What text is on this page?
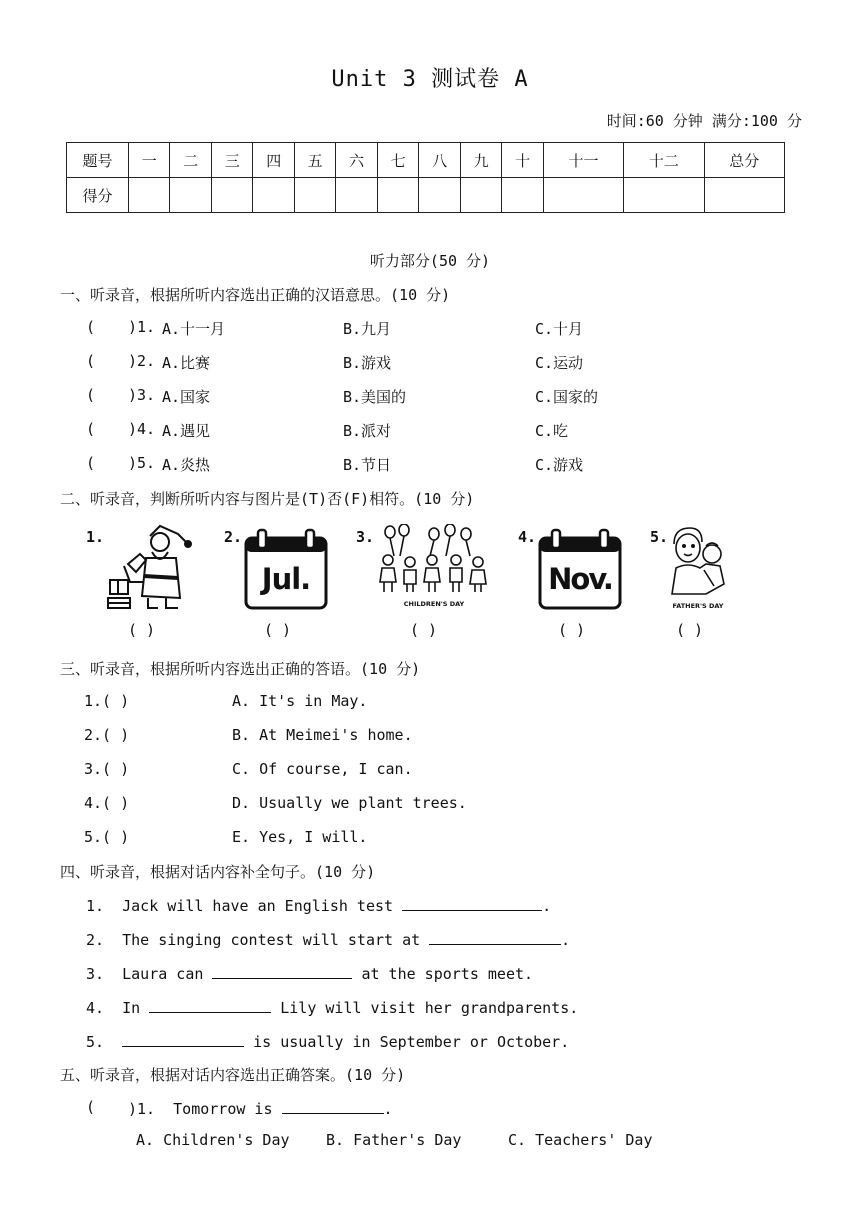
Unit 3 测试卷 A
时间:60 分钟 满分:100 分
题号	一	二	三	四	五	六	七	八	九	十	十一	十二	总分
得分													
听力部分(50 分)
一、听录音，根据所听内容选出正确的汉语意思。(10 分)
( )1. A.十一月	B.九月	C.十月
( )2. A.比赛	B.游戏	C.运动
( )3. A.国家	B.美国的	C.国家的
( )4. A.遇见	B.派对	C.吃
( )5. A.炎热	B.节日	C.游戏
二、听录音，判断所听内容与图片是(T)否(F)相符。(10 分)
1.	2.
Jul.
3.
CHILDREN'S DAY
4.
Nov.
5.
FATHER'S DAY
( )	( )	( )	( )	( )
三、听录音，根据所听内容选出正确的答语。(10 分)
1.( )	A. It's in May.
2.( )	B. At Meimei's home.
3.( )	C. Of course, I can.
4.( )	D. Usually we plant trees.
5.( )	E. Yes, I will.
四、听录音，根据对话内容补全句子。(10 分)
1.  Jack will have an English test	.
2.  The singing contest will start at	.
3.  Laura can	at the sports meet.
4.  In	Lily will visit her grandparents.
5.	is usually in September or October.
五、听录音，根据对话内容选出正确答案。(10 分)
( )1.  Tomorrow is	.
A. Children's Day B. Father's Day	C. Teachers' Day
